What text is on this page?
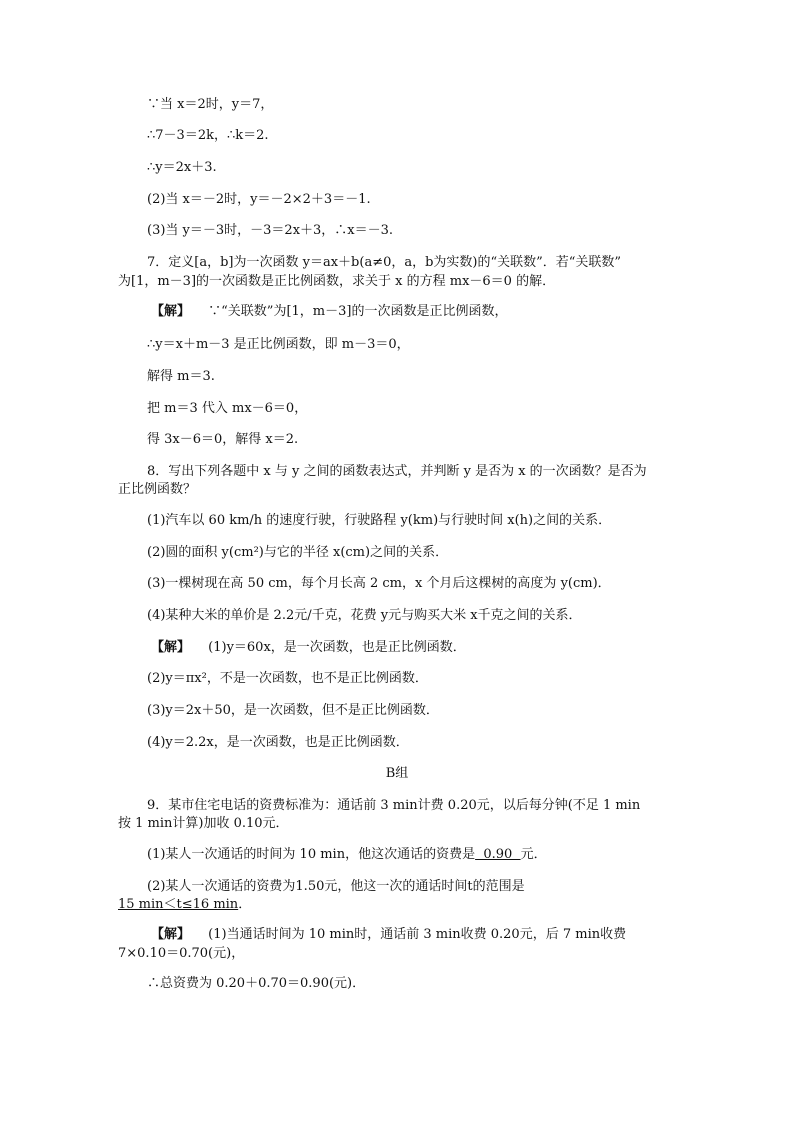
∵当 x＝2时，y＝7，
∴7－3＝2k，∴k＝2.
∴y＝2x＋3.
(2)当 x＝－2时，y＝－2×2＋3＝－1.
(3)当 y＝－3时，－3＝2x＋3，∴x＝－3.
7．定义[a，b]为一次函数 y＝ax＋b(a≠0，a，b为实数)的“关联数”．若“关联数”
为[1，m－3]的一次函数是正比例函数，求关于 x 的方程 mx－6＝0 的解．
【解】 ∵“关联数”为[1，m－3]的一次函数是正比例函数，
∴y＝x＋m－3 是正比例函数，即 m－3＝0，
解得 m＝3.
把 m＝3 代入 mx－6＝0，
得 3x－6＝0，解得 x＝2.
8．写出下列各题中 x 与 y 之间的函数表达式，并判断 y 是否为 x 的一次函数？是否为
正比例函数？
(1)汽车以 60 km/h 的速度行驶，行驶路程 y(km)与行驶时间 x(h)之间的关系．
(2)圆的面积 y(cm²)与它的半径 x(cm)之间的关系．
(3)一棵树现在高 50 cm，每个月长高 2 cm，x 个月后这棵树的高度为 y(cm)．
(4)某种大米的单价是 2.2元/千克，花费 y元与购买大米 x千克之间的关系．
【解】 (1)y＝60x，是一次函数，也是正比例函数．
(2)y＝πx²，不是一次函数，也不是正比例函数．
(3)y＝2x＋50，是一次函数，但不是正比例函数．
(4)y＝2.2x，是一次函数，也是正比例函数．
B组
9．某市住宅电话的资费标准为：通话前 3 min计费 0.20元，以后每分钟(不足 1 min
按 1 min计算)加收 0.10元．
(1)某人一次通话的时间为 10 min，他这次通话的资费是  0.90  元．
(2)某人一次通话的资费为1.50元，他这一次的通话时间t的范围是
15 min＜t≤16 min．
【解】 (1)当通话时间为 10 min时，通话前 3 min收费 0.20元，后 7 min收费
7×0.10＝0.70(元)，
∴总资费为 0.20＋0.70＝0.90(元)．
